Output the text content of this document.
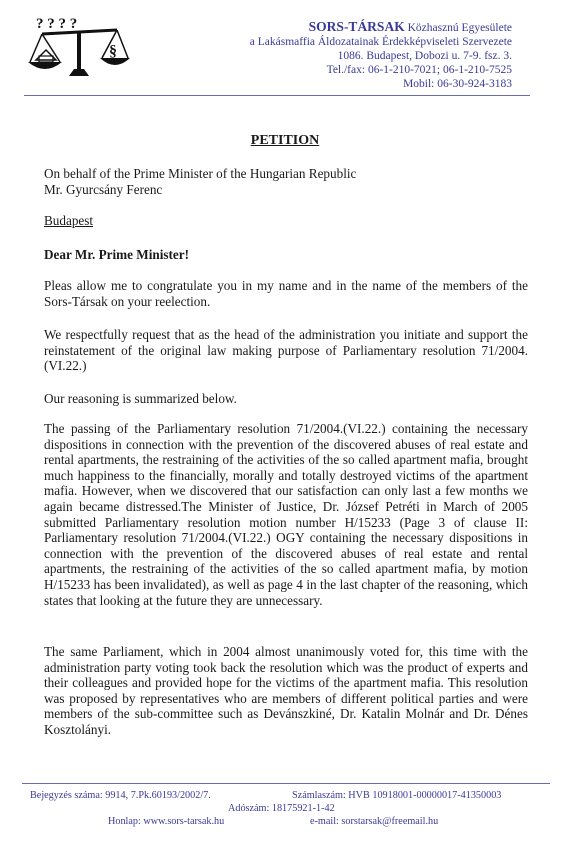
? ? ? ?
§
SORS-TÁRSAK Közhasznú Egyesülete
a Lakásmaffia Áldozatainak Érdekképviseleti Szervezete
1086. Budapest, Dobozi u. 7-9. fsz. 3.
Tel./fax: 06-1-210-7021; 06-1-210-7525
Mobil: 06-30-924-3183
PETITION
On behalf of the Prime Minister of the Hungarian Republic
Mr. Gyurcsány Ferenc
Budapest
Dear Mr. Prime Minister!
Pleas allow me to congratulate you in my name and in the name of the members of the Sors-Társak on your reelection.
We respectfully request that as the head of the administration you initiate and support the reinstatement of the original law making purpose of Parliamentary resolution 71/2004. (VI.22.)
Our reasoning is summarized below.
The passing of the Parliamentary resolution 71/2004.(VI.22.) containing the necessary dispositions in connection with the prevention of the discovered abuses of real estate and rental apartments, the restraining of the activities of the so called apartment mafia, brought much happiness to the financially, morally and totally destroyed victims of the apartment mafia. However, when we discovered that our satisfaction can only last a few months we again became distressed.The Minister of Justice, Dr. József Petréti in March of 2005 submitted Parliamentary resolution motion number H/15233 (Page 3 of clause II: Parliamentary resolution 71/2004.(VI.22.) OGY containing the necessary dispositions in connection with the prevention of the discovered abuses of real estate and rental apartments, the restraining of the activities of the so called apartment mafia, by motion H/15233 has been invalidated), as well as page 4 in the last chapter of the reasoning, which states that looking at the future they are unnecessary.
The same Parliament, which in 2004 almost unanimously voted for, this time with the administration party voting took back the resolution which was the product of experts and their colleagues and provided hope for the victims of the apartment mafia. This resolution was proposed by representatives who are members of different political parties and were members of the sub-committee such as Devánszkiné, Dr. Katalin Molnár and Dr. Dénes Kosztolányi.
Bejegyzés száma: 9914, 7.Pk.60193/2002/7.	Számlaszám: HVB 10918001-00000017-41350003
Adószám: 18175921-1-42
Honlap: www.sors-tarsak.hu	e-mail: sorstarsak@freemail.hu
